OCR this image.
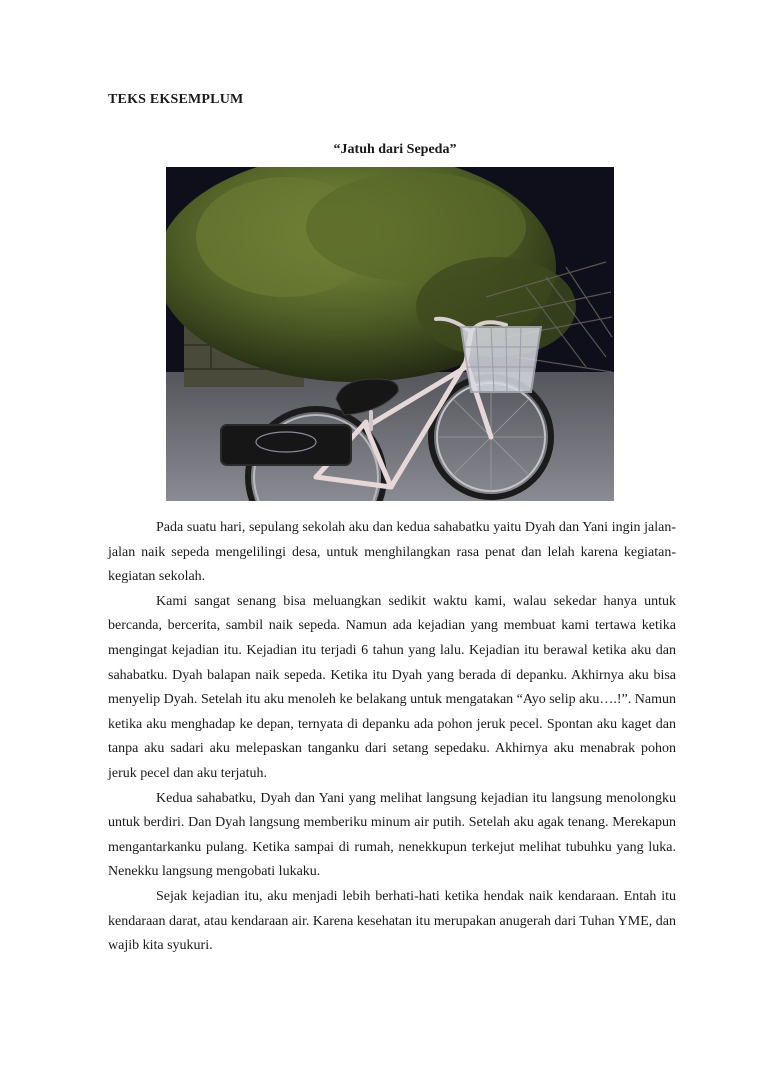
TEKS EKSEMPLUM
“Jatuh dari Sepeda”

Pada suatu hari, sepulang sekolah aku dan kedua sahabatku yaitu Dyah dan Yani ingin jalan-jalan naik sepeda mengelilingi desa, untuk menghilangkan rasa penat dan lelah karena kegiatan-kegiatan sekolah.

Kami sangat senang bisa meluangkan sedikit waktu kami, walau sekedar hanya untuk bercanda, bercerita, sambil naik sepeda. Namun ada kejadian yang membuat kami tertawa ketika mengingat kejadian itu. Kejadian itu terjadi 6 tahun yang lalu. Kejadian itu berawal ketika aku dan sahabatku. Dyah balapan naik sepeda. Ketika itu Dyah yang berada di depanku. Akhirnya aku bisa menyelip Dyah. Setelah itu aku menoleh ke belakang untuk mengatakan “Ayo selip aku….!”. Namun ketika aku menghadap ke depan, ternyata di depanku ada pohon jeruk pecel. Spontan aku kaget dan tanpa aku sadari aku melepaskan tanganku dari setang sepedaku. Akhirnya aku menabrak pohon jeruk pecel dan aku terjatuh.

Kedua sahabatku, Dyah dan Yani yang melihat langsung kejadian itu langsung menolongku untuk berdiri. Dan Dyah langsung memberiku minum air putih. Setelah aku agak tenang. Merekapun mengantarkanku pulang. Ketika sampai di rumah, nenekkupun terkejut melihat tubuhku yang luka. Nenekku langsung mengobati lukaku.

Sejak kejadian itu, aku menjadi lebih berhati-hati ketika hendak naik kendaraan. Entah itu kendaraan darat, atau kendaraan air. Karena kesehatan itu merupakan anugerah dari Tuhan YME, dan wajib kita syukuri.
